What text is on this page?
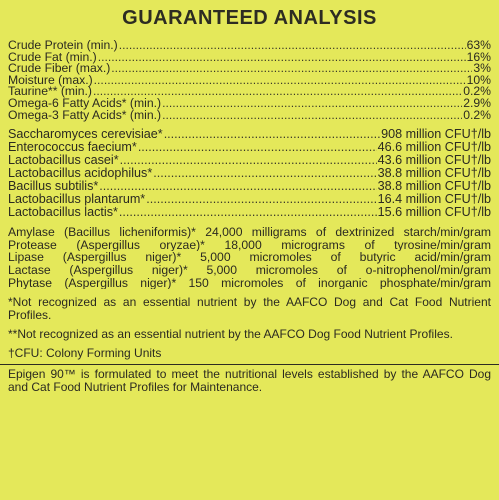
GUARANTEED ANALYSIS
Crude Protein (min.) .....	63%
Crude Fat (min.) .....	16%
Crude Fiber (max.) .....	3%
Moisture (max.) .....	10%
Taurine** (min.) .....	0.2%
Omega-6 Fatty Acids* (min.) .....	2.9%
Omega-3 Fatty Acids* (min.) .....	0.2%
Saccharomyces cerevisiae* .....	908 million CFU†/lb
Enterococcus faecium* .....	46.6 million CFU†/lb
Lactobacillus casei* .....	43.6 million CFU†/lb
Lactobacillus acidophilus* .....	38.8 million CFU†/lb
Bacillus subtilis* .....	38.8 million CFU†/lb
Lactobacillus plantarum* .....	16.4 million CFU†/lb
Lactobacillus lactis* .....	15.6 million CFU†/lb
Amylase (Bacillus licheniformis)* 24,000 milligrams of dextrinized starch/min/gram
Protease (Aspergillus oryzae)* 18,000 micrograms of tyrosine/min/gram
Lipase (Aspergillus niger)* 5,000 micromoles of butyric acid/min/gram
Lactase (Aspergillus niger)* 5,000 micromoles of o-nitrophenol/min/gram
Phytase (Aspergillus niger)* 150 micromoles of inorganic phosphate/min/gram

*Not recognized as an essential nutrient by the AAFCO Dog and Cat Food Nutrient Profiles.

**Not recognized as an essential nutrient by the AAFCO Dog Food Nutrient Profiles.

†CFU: Colony Forming Units

Epigen 90™ is formulated to meet the nutritional levels established by the AAFCO Dog and Cat Food Nutrient Profiles for Maintenance.
